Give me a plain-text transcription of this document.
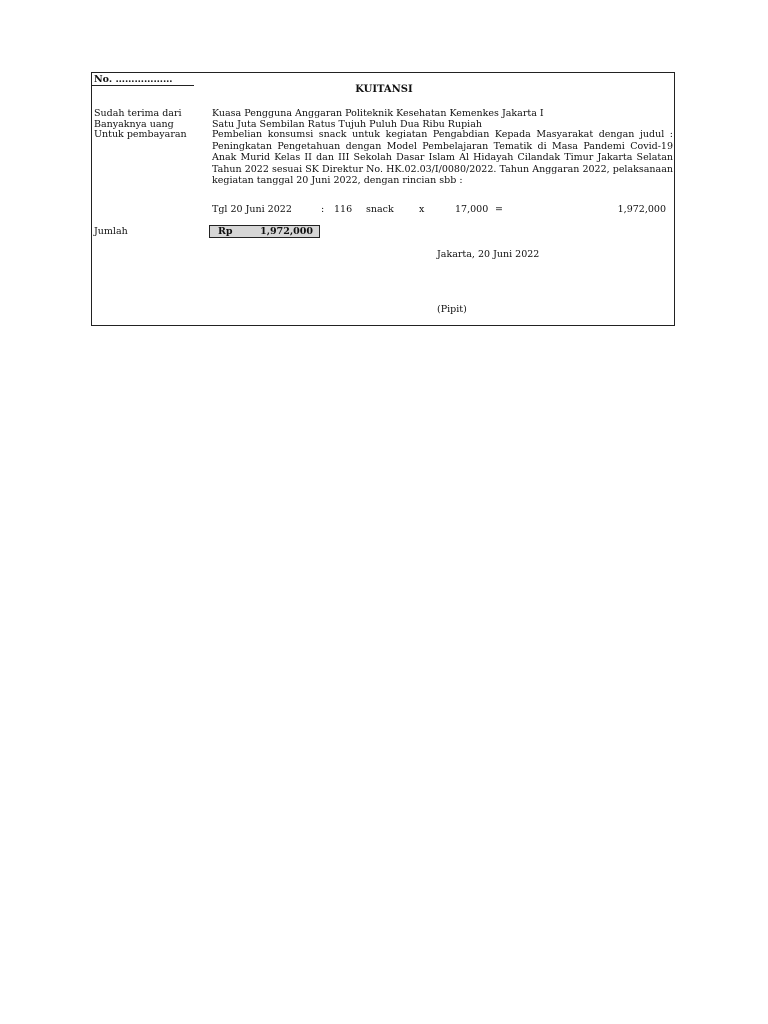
No. ………………
KUITANSI
Sudah terima dari	Kuasa Pengguna Anggaran Politeknik Kesehatan Kemenkes Jakarta I
Banyaknya uang	Satu Juta Sembilan Ratus Tujuh Puluh Dua Ribu Rupiah
Untuk pembayaran	Pembelian konsumsi snack untuk kegiatan Pengabdian Kepada Masyarakat dengan judul : Peningkatan Pengetahuan dengan Model Pembelajaran Tematik di Masa Pandemi Covid-19 Anak Murid Kelas II dan III Sekolah Dasar Islam Al Hidayah Cilandak Timur Jakarta Selatan Tahun 2022 sesuai SK Direktur No. HK.02.03/I/0080/2022. Tahun Anggaran 2022, pelaksanaan kegiatan tanggal 20 Juni 2022, dengan rincian sbb :
Tgl 20 Juni 2022	: 116 snack	x	17,000 =	1,972,000
Jumlah	Rp	1,972,000
Jakarta, 20 Juni 2022
(Pipit)
